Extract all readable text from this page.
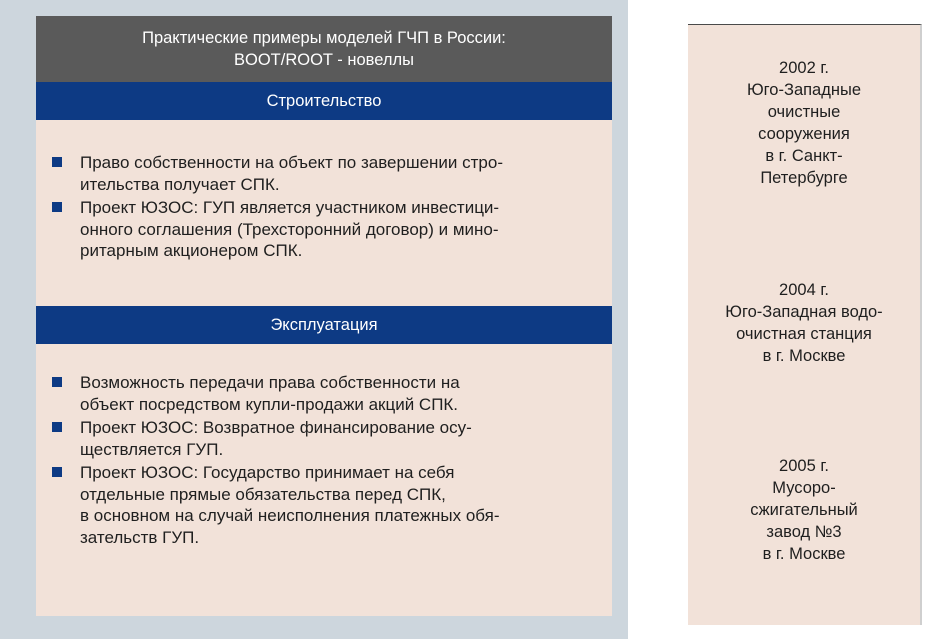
Практические примеры моделей ГЧП в России:
BOOT/ROOT - новеллы
Строительство
Право собственности на объект по завершении стро-
ительства получает СПК.
Проект ЮЗОС: ГУП является участником инвестици-
онного соглашения (Трехсторонний договор) и мино-
ритарным акционером СПК.
Эксплуатация
Возможность передачи права собственности на
объект посредством купли-продажи акций СПК.
Проект ЮЗОС: Возвратное финансирование осу-
ществляется ГУП.
Проект ЮЗОС: Государство принимает на себя
отдельные прямые обязательства перед СПК,
в основном на случай неисполнения платежных обя-
зательств ГУП.
2002 г.
Юго-Западные
очистные
сооружения
в г. Санкт-
Петербурге
2004 г.
Юго-Западная водо-
очистная станция
в г. Москве
2005 г.
Мусоро-
сжигательный
завод №3
в г. Москве
